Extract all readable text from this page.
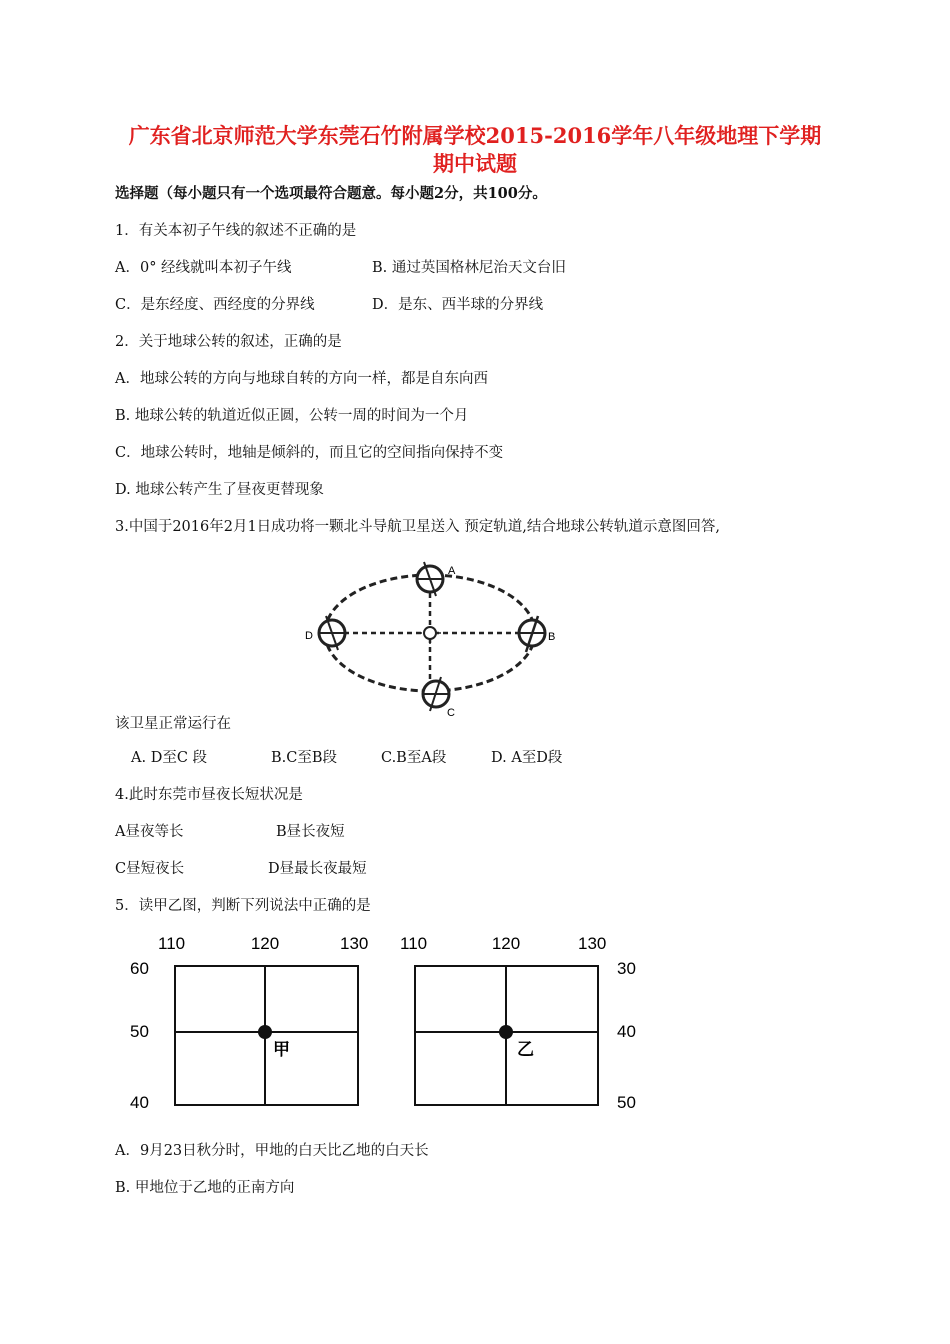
广东省北京师范大学东莞石竹附属学校2015-2016学年八年级地理下学期
期中试题
选择题（每小题只有一个选项最符合题意。每小题2分，共100分。
1．有关本初子午线的叙述不正确的是
A．0° 经线就叫本初子午线	B. 通过英国格林尼治天文台旧
C．是东经度、西经度的分界线	D．是东、西半球的分界线
2．关于地球公转的叙述，正确的是
A．地球公转的方向与地球自转的方向一样，都是自东向西
B. 地球公转的轨道近似正圆，公转一周的时间为一个月
C．地球公转时，地轴是倾斜的，而且它的空间指向保持不变
D. 地球公转产生了昼夜更替现象
3.中国于2016年2月1日成功将一颗北斗导航卫星送入 预定轨道,结合地球公转轨道示意图回答,
A
B
C
D
该卫星正常运行在
A. D至C 段	B.C至B段	C.B至A段	D. A至D段
4.此时东莞市昼夜长短状况是
A昼夜等长	B昼长夜短
C昼短夜长	D昼最长夜最短
5．读甲乙图，判断下列说法中正确的是
110	120	130
60
50
40
甲
110	120	130
乙
30
40
50
A．9月23日秋分时，甲地的白天比乙地的白天长
B. 甲地位于乙地的正南方向
